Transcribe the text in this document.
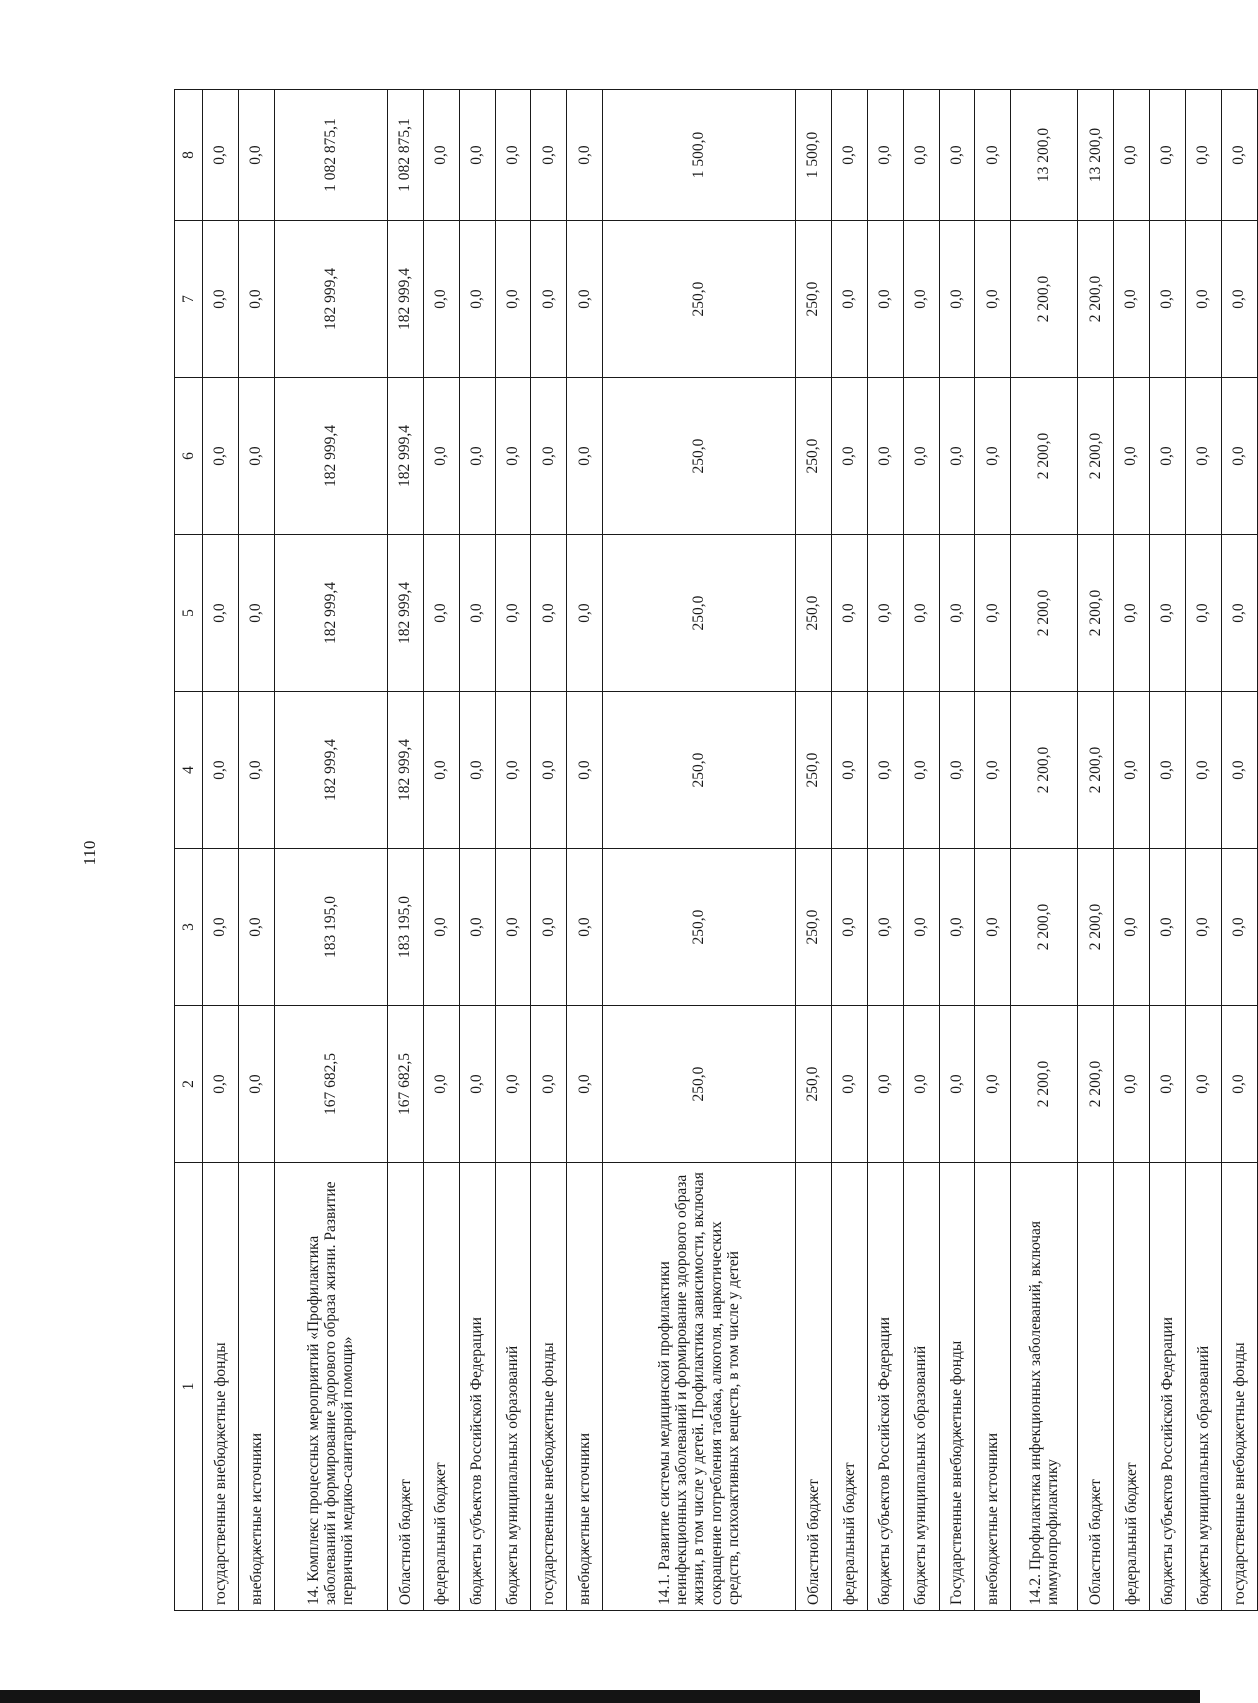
110
1	2	3	4	5	6	7	8
государственные внебюджетные фонды	0,0	0,0	0,0	0,0	0,0	0,0	0,0
внебюджетные источники	0,0	0,0	0,0	0,0	0,0	0,0	0,0
14. Комплекс процессных мероприятий «Профилактика заболеваний и формирование здорового образа жизни. Развитие первичной медико-санитарной помощи»	167 682,5	183 195,0	182 999,4	182 999,4	182 999,4	182 999,4	1 082 875,1
Областной бюджет	167 682,5	183 195,0	182 999,4	182 999,4	182 999,4	182 999,4	1 082 875,1
федеральный бюджет	0,0	0,0	0,0	0,0	0,0	0,0	0,0
бюджеты субъектов Российской Федерации	0,0	0,0	0,0	0,0	0,0	0,0	0,0
бюджеты муниципальных образований	0,0	0,0	0,0	0,0	0,0	0,0	0,0
государственные внебюджетные фонды	0,0	0,0	0,0	0,0	0,0	0,0	0,0
внебюджетные источники	0,0	0,0	0,0	0,0	0,0	0,0	0,0
14.1. Развитие системы медицинской профилактики неинфекционных заболеваний и формирование здорового образа жизни, в том числе у детей. Профилактика зависимости, включая сокращение потребления табака, алкоголя, наркотических средств, психоактивных веществ, в том числе у детей	250,0	250,0	250,0	250,0	250,0	250,0	1 500,0
Областной бюджет	250,0	250,0	250,0	250,0	250,0	250,0	1 500,0
федеральный бюджет	0,0	0,0	0,0	0,0	0,0	0,0	0,0
бюджеты субъектов Российской Федерации	0,0	0,0	0,0	0,0	0,0	0,0	0,0
бюджеты муниципальных образований	0,0	0,0	0,0	0,0	0,0	0,0	0,0
Государственные внебюджетные фонды	0,0	0,0	0,0	0,0	0,0	0,0	0,0
внебюджетные источники	0,0	0,0	0,0	0,0	0,0	0,0	0,0
14.2. Профилактика инфекционных заболеваний, включая иммунопрофилактику	2 200,0	2 200,0	2 200,0	2 200,0	2 200,0	2 200,0	13 200,0
Областной бюджет	2 200,0	2 200,0	2 200,0	2 200,0	2 200,0	2 200,0	13 200,0
федеральный бюджет	0,0	0,0	0,0	0,0	0,0	0,0	0,0
бюджеты субъектов Российской Федерации	0,0	0,0	0,0	0,0	0,0	0,0	0,0
бюджеты муниципальных образований	0,0	0,0	0,0	0,0	0,0	0,0	0,0
государственные внебюджетные фонды	0,0	0,0	0,0	0,0	0,0	0,0	0,0
